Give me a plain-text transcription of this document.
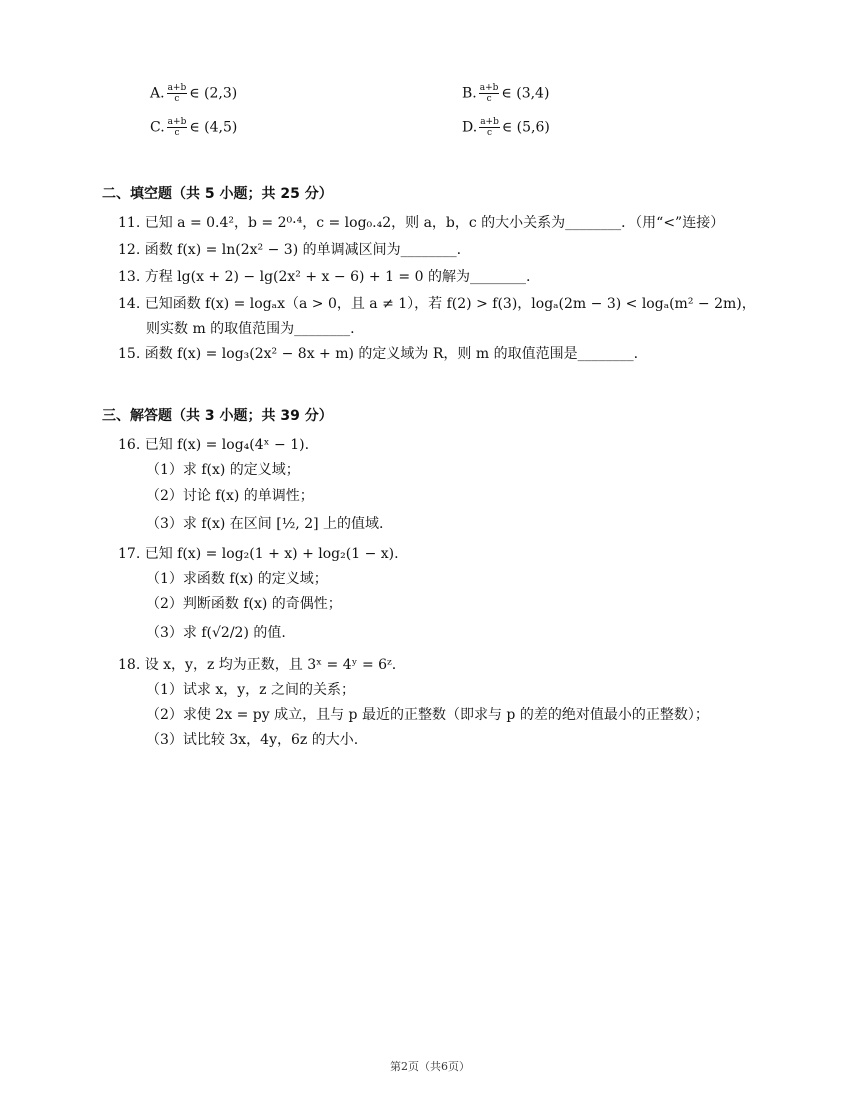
A. $\frac{a+b}{c}$ ∈ (2,3)	B. $\frac{a+b}{c}$ ∈ (3,4)
C. $\frac{a+b}{c}$ ∈ (4,5)	D. $\frac{a+b}{c}$ ∈ (5,6)
二、填空题（共 5 小题；共 25 分）
11. 已知 a = 0.4²，b = 2⁰·⁴，c = log₀.₄2，则 a，b，c 的大小关系为________．（用“<”连接）
12. 函数 f(x) = ln(2x² − 3) 的单调减区间为________.
13. 方程 lg(x + 2) − lg(2x² + x − 6) + 1 = 0 的解为________.
14. 已知函数 f(x) = logₐx（a > 0，且 a ≠ 1），若 f(2) > f(3)，logₐ(2m − 3) < logₐ(m² − 2m)，
则实数 m 的取值范围为________.
15. 函数 f(x) = log₃(2x² − 8x + m) 的定义域为 R，则 m 的取值范围是________.
三、解答题（共 3 小题；共 39 分）
16. 已知 f(x) = log₄(4ˣ − 1).
（1）求 f(x) 的定义域；
（2）讨论 f(x) 的单调性；
（3）求 f(x) 在区间 [½, 2] 上的值域.
17. 已知 f(x) = log₂(1 + x) + log₂(1 − x).
（1）求函数 f(x) 的定义域；
（2）判断函数 f(x) 的奇偶性；
（3）求 f(√2/2) 的值.
18. 设 x，y，z 均为正数，且 3ˣ = 4ʸ = 6ᶻ.
（1）试求 x，y，z 之间的关系；
（2）求使 2x = py 成立，且与 p 最近的正整数（即求与 p 的差的绝对值最小的正整数）；
（3）试比较 3x，4y，6z 的大小.
第2页（共6页）
